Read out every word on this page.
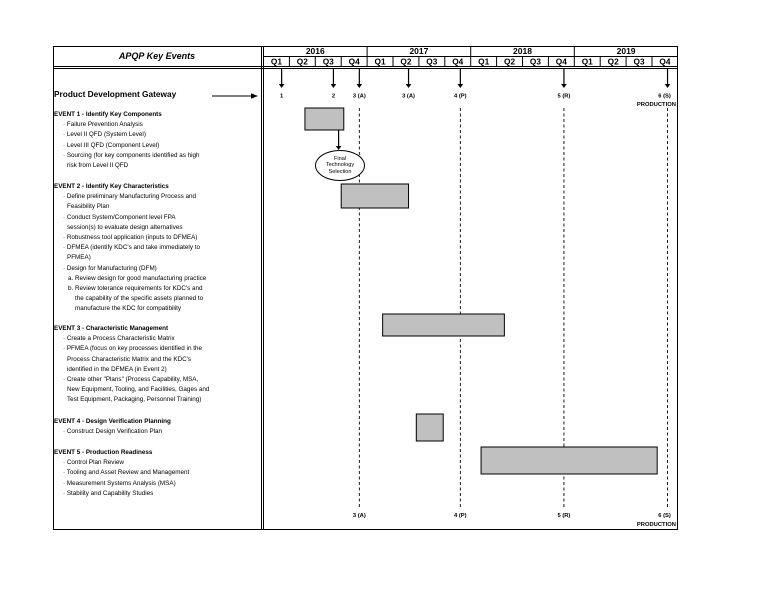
2016	2017	2018	2019
Q1 Q2 Q3 Q4 Q1 Q2 Q3 Q4 Q1 Q2 Q3 Q4 Q1 Q2 Q3 Q4
1	2	3 (A)	3 (A)	4 (P)	5 (R)	6 (S)
PRODUCTION
3 (A)	4 (P)	5 (R)	6 (S)
PRODUCTION
APQP Key Events
Product Development Gateway
EVENT 1 - Identify Key Components
· Failure Prevention Analysis
· Level II QFD (System Level)
· Level III QFD (Component Level)
· Sourcing (for key components identified as high
risk from Level II QFD
EVENT 2 - Identify Key Characteristics
· Define preliminary Manufacturing Process and
Feasibility Plan
· Conduct System/Component level FPA
session(s) to evaluate design alternatives
· Robustness tool application (inputs to DFMEA)
· DFMEA (identify KDC's and take immediately to
PFMEA)
· Design for Manufacturing (DFM)
a. Review design for good manufacturing practice
b. Review tolerance requirements for KDC's and
the capability of the specific assets planned to
manufacture the KDC for compatibility
EVENT 3 - Characteristic Management
· Create a Process Characteristic Matrix
· PFMEA (focus on key processes identified in the
Process Characteristic Matrix and the KDC's
identified in the DFMEA (in Event 2)
· Create other "Plans" (Process Capability, MSA,
New Equipment, Tooling, and Facilities, Gages and
Test Equipment, Packaging, Personnel Training)
EVENT 4 - Design Verification Planning
· Construct Design Verification Plan
EVENT 5 - Production Readiness
· Control Plan Review
· Tooling and Asset Review and Management
· Measurement Systems Analysis (MSA)
· Stability and Capability Studies
Final Technology Selection
